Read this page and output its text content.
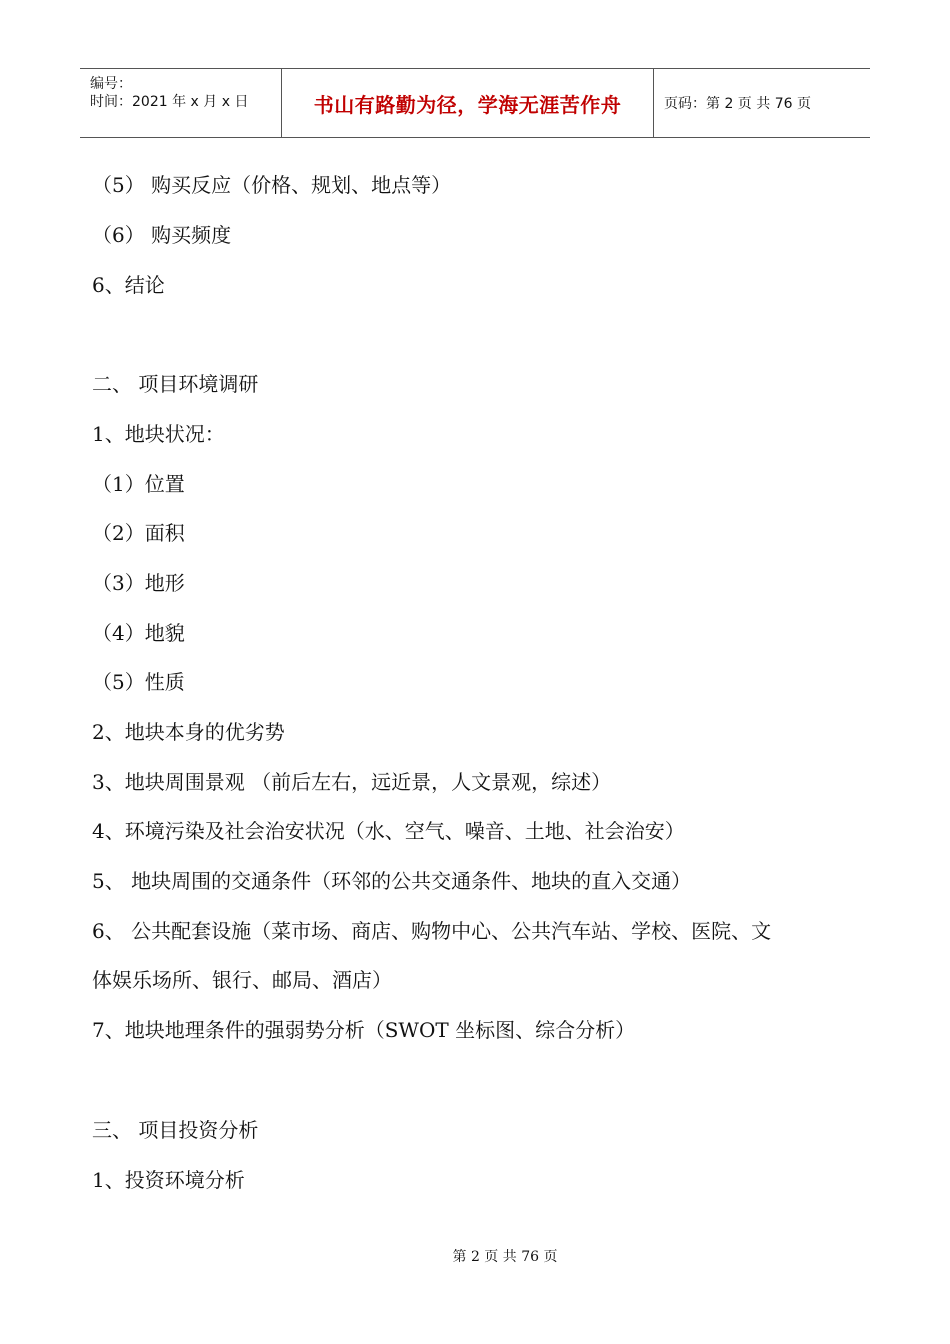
编号：
时间：2021 年 x 月 x 日	书山有路勤为径，学海无涯苦作舟	页码：第 2 页 共 76 页
（5） 购买反应（价格、规划、地点等）
（6） 购买频度
6、结论
二、 项目环境调研
1、地块状况：
（1）位置
（2）面积
（3）地形
（4）地貌
（5）性质
2、地块本身的优劣势
3、地块周围景观 （前后左右，远近景，人文景观，综述）
4、环境污染及社会治安状况（水、空气、噪音、土地、社会治安）
5、 地块周围的交通条件（环邻的公共交通条件、地块的直入交通）
6、 公共配套设施（菜市场、商店、购物中心、公共汽车站、学校、医院、文
体娱乐场所、银行、邮局、酒店）
7、地块地理条件的强弱势分析（SWOT 坐标图、综合分析）
三、 项目投资分析
1、投资环境分析
第 2 页 共 76 页
